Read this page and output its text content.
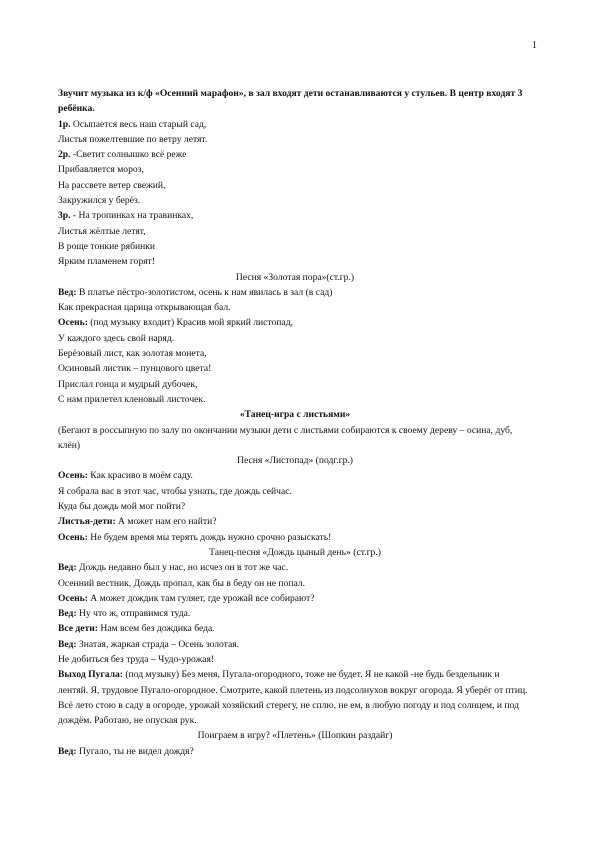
1
Звучит музыка из к/ф «Осенний марафон», в зал входят дети останавливаются у стульев. В центр входят 3 ребёнка.
1р. Осыпается весь наш старый сад,
Листья пожелтевшие по ветру летят.
2р. -Светит солнышко всё реже
Прибавляется мороз,
На рассвете ветер свежий,
Закружился у берёз.
3р. - На тропинках на травинках,
Листья жёлтые летят,
В роще тонкие рябинки
Ярким пламенем горят!
Песня «Золотая пора»(ст.гр.)
Вед: В платье пёстро-золотистом, осень к нам явилась в зал (в сад)
Как прекрасная царица открывающая бал.
Осень: (под музыку входит) Красив мой яркий листопад,
У каждого здесь свой наряд.
Берёзовый лист, как золотая монета,
Осиновый листик – пунцового цвета!
Прислал гонца и мудрый дубочек,
С нам прилетел кленовый листочек.
«Танец-игра с листьями»
(Бегают в россыпную по залу по окончании музыки дети с листьями собираются к своему дереву – осина, дуб, клён)
Песня «Листопад» (подг.гр.)
Осень: Как красиво в моём саду.
Я собрала вас в этот час, чтобы узнать, где дождь сейчас.
Куда бы дождь мой мог пойти?
Листья-дети: А может нам его найти?
Осень: Не будем время мы терять дождь нужно срочно разыскать!
Танец-песня «Дождь цыный день» (ст.гр.)
Вед: Дождь недавно был у нас, но исчез он в тот же час.
Осенний вестник, Дождь пропал, как бы в беду он не попал.
Осень: А может дождик там гуляет, где урожай все собирают?
Вед: Ну что ж, отправимся туда.
Все дети: Нам всем без дождика беда.
Вед: Знатая, жаркая страда – Осень золотая.
Не добиться без труда – Чудо-урожая!
Выход Пугала: (под музыку) Без меня, Пугала-огородного, тоже не будет. Я не какой -не будь бездельник и лентяй. Я, трудовое Пугало-огородное. Смотрите, какой плетень из подсолнухов вокруг огорода. Я уберёг от птиц. Всё лето стою в саду в огороде, урожай хозяйский стерегу, не сплю, не ем, в любую погоду и под солнцем, и под дождём. Работаю, не опуская рук.
Поиграем в игру? «Плетень» (Шопкин раздайг)
Вед: Пугало, ты не видел дождя?
